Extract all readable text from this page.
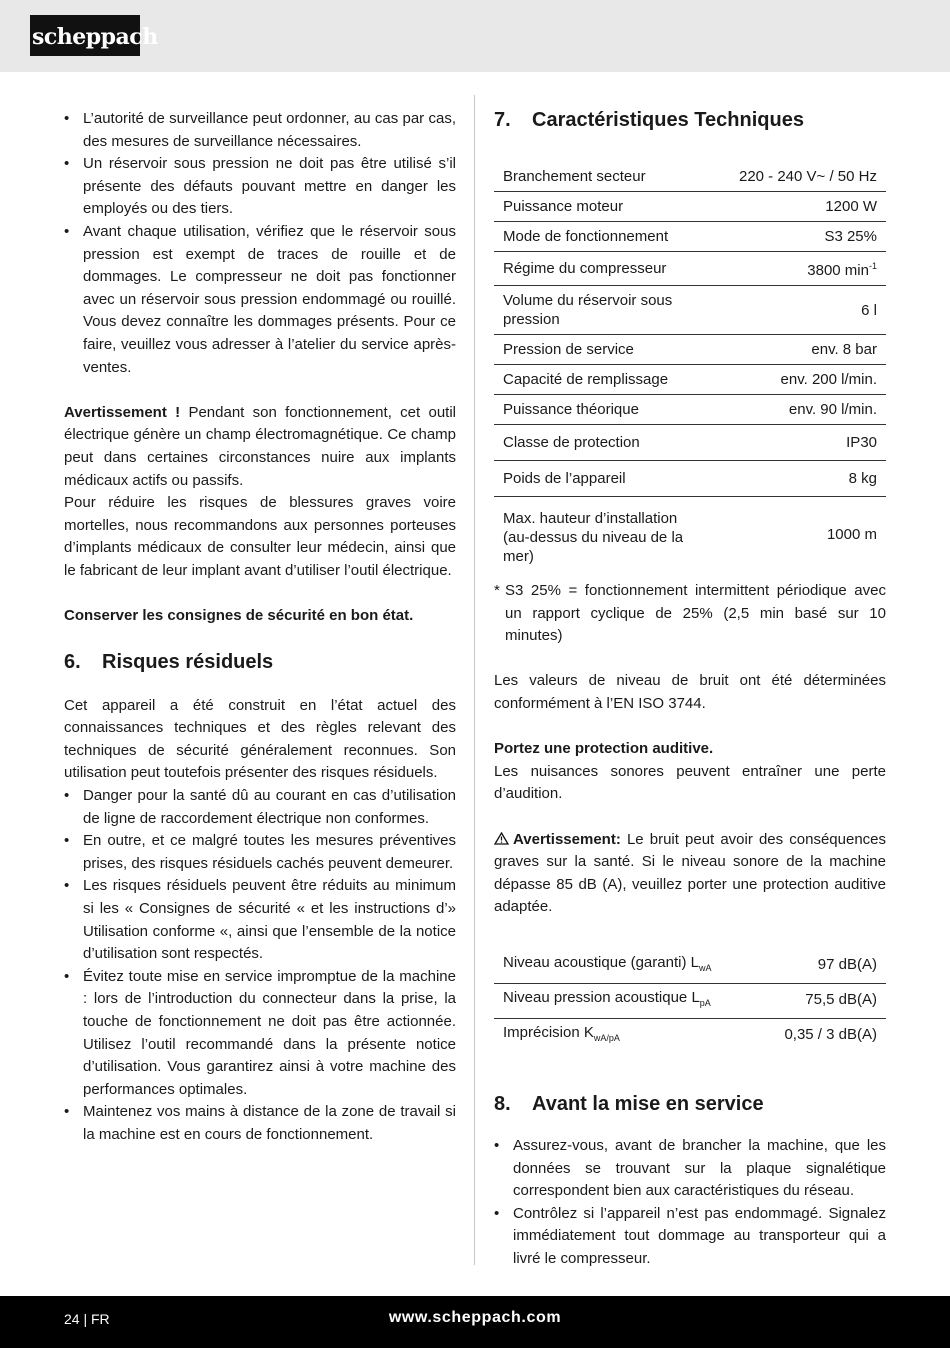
scheppach
• L’autorité de surveillance peut ordonner, au cas par cas, des mesures de surveillance nécessaires.
• Un réservoir sous pression ne doit pas être utilisé s’il présente des défauts pouvant mettre en danger les employés ou des tiers.
• Avant chaque utilisation, vérifiez que le réservoir sous pression est exempt de traces de rouille et de dommages. Le compresseur ne doit pas fonctionner avec un réservoir sous pression endommagé ou rouillé. Vous devez connaître les dommages présents. Pour ce faire, veuillez vous adresser à l’atelier du service après-ventes.

Avertissement ! Pendant son fonctionnement, cet outil électrique génère un champ électromagnétique. Ce champ peut dans certaines circonstances nuire aux implants médicaux actifs ou passifs.

Pour réduire les risques de blessures graves voire mortelles, nous recommandons aux personnes porteuses d’implants médicaux de consulter leur médecin, ainsi que le fabricant de leur implant avant d’utiliser l’outil électrique.

Conserver les consignes de sécurité en bon état.

6. Risques résiduels

Cet appareil a été construit en l’état actuel des connaissances techniques et des règles relevant des techniques de sécurité généralement reconnues. Son utilisation peut toutefois présenter des risques résiduels.

• Danger pour la santé dû au courant en cas d’utilisation de ligne de raccordement électrique non conformes.
• En outre, et ce malgré toutes les mesures préventives prises, des risques résiduels cachés peuvent demeurer.
• Les risques résiduels peuvent être réduits au minimum si les « Consignes de sécurité « et les instructions d’» Utilisation conforme «, ainsi que l’ensemble de la notice d’utilisation sont respectés.
• Évitez toute mise en service impromptue de la machine : lors de l’introduction du connecteur dans la prise, la touche de fonctionnement ne doit pas être actionnée. Utilisez l’outil recommandé dans la présente notice d’utilisation. Vous garantirez ainsi à votre machine des performances optimales.
• Maintenez vos mains à distance de la zone de travail si la machine est en cours de fonctionnement.
7. Caractéristiques Techniques
Branchement secteur	220 - 240 V~ / 50 Hz
Puissance moteur	1200 W
Mode de fonctionnement	S3 25%
Régime du compresseur	3800 $\min^{-1}$
Volume du réservoir sous pression	6 l
Pression de service	env. 8 bar
Capacité de remplissage	env. 200 l/min.
Puissance théorique	env. 90 l/min.
Classe de protection	IP30
Poids de l’appareil	8 kg
Max. hauteur d’installation (au-dessus du niveau de la mer)	1000 m

* S3 25% = fonctionnement intermittent périodique avec un rapport cyclique de 25% (2,5 min basé sur 10 minutes)

Les valeurs de niveau de bruit ont été déterminées conformément à l’EN ISO 3744.

Portez une protection auditive.

Les nuisances sonores peuvent entraîner une perte d’audition.

Avertissement: Le bruit peut avoir des conséquences graves sur la santé. Si le niveau sonore de la machine dépasse 85 dB (A), veuillez porter une protection auditive adaptée.

Niveau acoustique (garanti) $L_{wA}$	97 dB(A)
Niveau pression acoustique $L_{pA}$	75,5 dB(A)
Imprécision $K_{wA/pA}$	0,35 / 3 dB(A)
8. Avant la mise en service
• Assurez-vous, avant de brancher la machine, que les données se trouvant sur la plaque signalétique correspondent bien aux caractéristiques du réseau.
• Contrôlez si l’appareil n’est pas endommagé. Signalez immédiatement tout dommage au transporteur qui a livré le compresseur.
24 | FR	www.scheppach.com
